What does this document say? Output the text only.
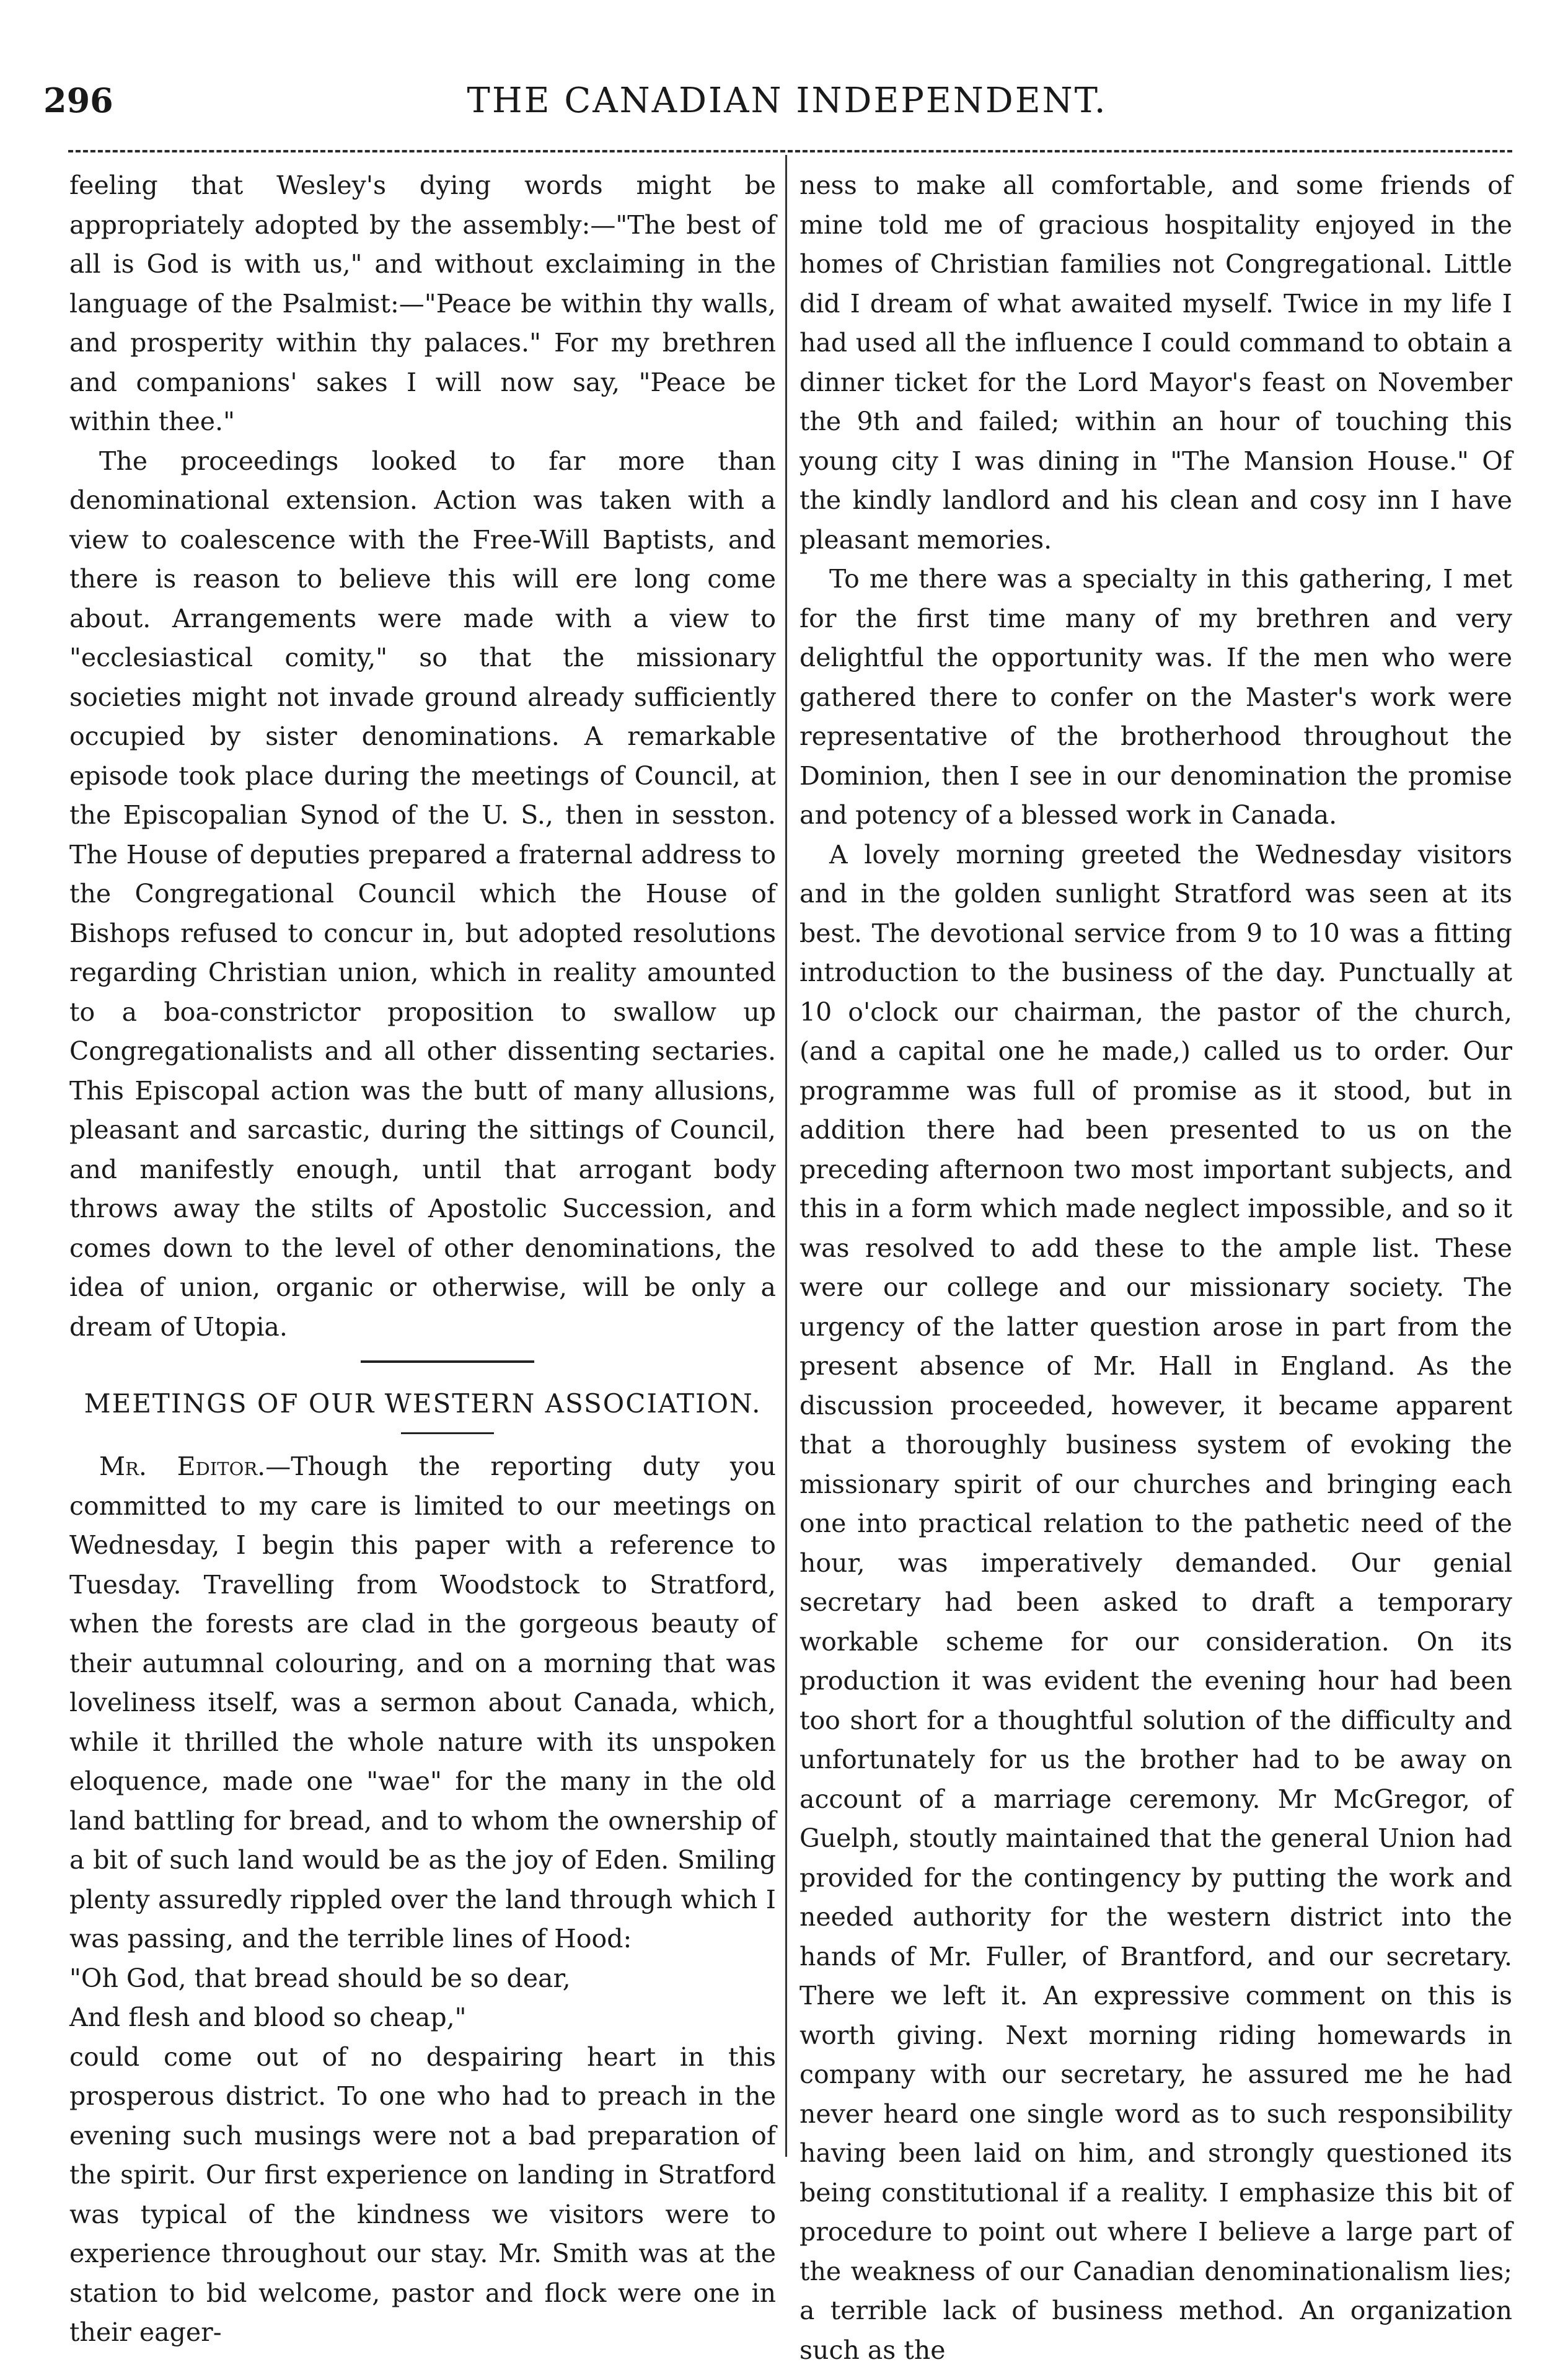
296	THE CANADIAN INDEPENDENT.

feeling that Wesley's dying words might be appropriately adopted by the assembly:—"The best of all is God is with us," and without exclaiming in the language of the Psalmist:—"Peace be within thy walls, and prosperity within thy palaces." For my brethren and companions' sakes I will now say, "Peace be within thee."

The proceedings looked to far more than denominational extension. Action was taken with a view to coalescence with the Free-Will Baptists, and there is reason to believe this will ere long come about. Arrangements were made with a view to "ecclesiastical comity," so that the missionary societies might not invade ground already sufficiently occupied by sister denominations. A remarkable episode took place during the meetings of Council, at the Episcopalian Synod of the U. S., then in sesston. The House of deputies prepared a fraternal address to the Congregational Council which the House of Bishops refused to concur in, but adopted resolutions regarding Christian union, which in reality amounted to a boa-constrictor proposition to swallow up Congregationalists and all other dissenting sectaries. This Episcopal action was the butt of many allusions, pleasant and sarcastic, during the sittings of Council, and manifestly enough, until that arrogant body throws away the stilts of Apostolic Succession, and comes down to the level of other denominations, the idea of union, organic or otherwise, will be only a dream of Utopia.

MEETINGS OF OUR WESTERN ASSOCIATION.

Mr. Editor.—Though the reporting duty you committed to my care is limited to our meetings on Wednesday, I begin this paper with a reference to Tuesday. Travelling from Woodstock to Stratford, when the forests are clad in the gorgeous beauty of their autumnal colouring, and on a morning that was loveliness itself, was a sermon about Canada, which, while it thrilled the whole nature with its unspoken eloquence, made one "wae" for the many in the old land battling for bread, and to whom the ownership of a bit of such land would be as the joy of Eden. Smiling plenty assuredly rippled over the land through which I was passing, and the terrible lines of Hood:

"Oh God, that bread should be so dear,

And flesh and blood so cheap,"

could come out of no despairing heart in this prosperous district. To one who had to preach in the evening such musings were not a bad preparation of the spirit. Our first experience on landing in Stratford was typical of the kindness we visitors were to experience throughout our stay. Mr. Smith was at the station to bid welcome, pastor and flock were one in their eager-

ness to make all comfortable, and some friends of mine told me of gracious hospitality enjoyed in the homes of Christian families not Congregational. Little did I dream of what awaited myself. Twice in my life I had used all the influence I could command to obtain a dinner ticket for the Lord Mayor's feast on November the 9th and failed; within an hour of touching this young city I was dining in "The Mansion House." Of the kindly landlord and his clean and cosy inn I have pleasant memories.

To me there was a specialty in this gathering, I met for the first time many of my brethren and very delightful the opportunity was. If the men who were gathered there to confer on the Master's work were representative of the brotherhood throughout the Dominion, then I see in our denomination the promise and potency of a blessed work in Canada.

A lovely morning greeted the Wednesday visitors and in the golden sunlight Stratford was seen at its best. The devotional service from 9 to 10 was a fitting introduction to the business of the day. Punctually at 10 o'clock our chairman, the pastor of the church, (and a capital one he made,) called us to order. Our programme was full of promise as it stood, but in addition there had been presented to us on the preceding afternoon two most important subjects, and this in a form which made neglect impossible, and so it was resolved to add these to the ample list. These were our college and our missionary society. The urgency of the latter question arose in part from the present absence of Mr. Hall in England. As the discussion proceeded, however, it became apparent that a thoroughly business system of evoking the missionary spirit of our churches and bringing each one into practical relation to the pathetic need of the hour, was imperatively demanded. Our genial secretary had been asked to draft a temporary workable scheme for our consideration. On its production it was evident the evening hour had been too short for a thoughtful solution of the difficulty and unfortunately for us the brother had to be away on account of a marriage ceremony. Mr McGregor, of Guelph, stoutly maintained that the general Union had provided for the contingency by putting the work and needed authority for the western district into the hands of Mr. Fuller, of Brantford, and our secretary. There we left it. An expressive comment on this is worth giving. Next morning riding homewards in company with our secretary, he assured me he had never heard one single word as to such responsibility having been laid on him, and strongly questioned its being constitutional if a reality. I emphasize this bit of procedure to point out where I believe a large part of the weakness of our Canadian denominationalism lies; a terrible lack of business method. An organization such as the
